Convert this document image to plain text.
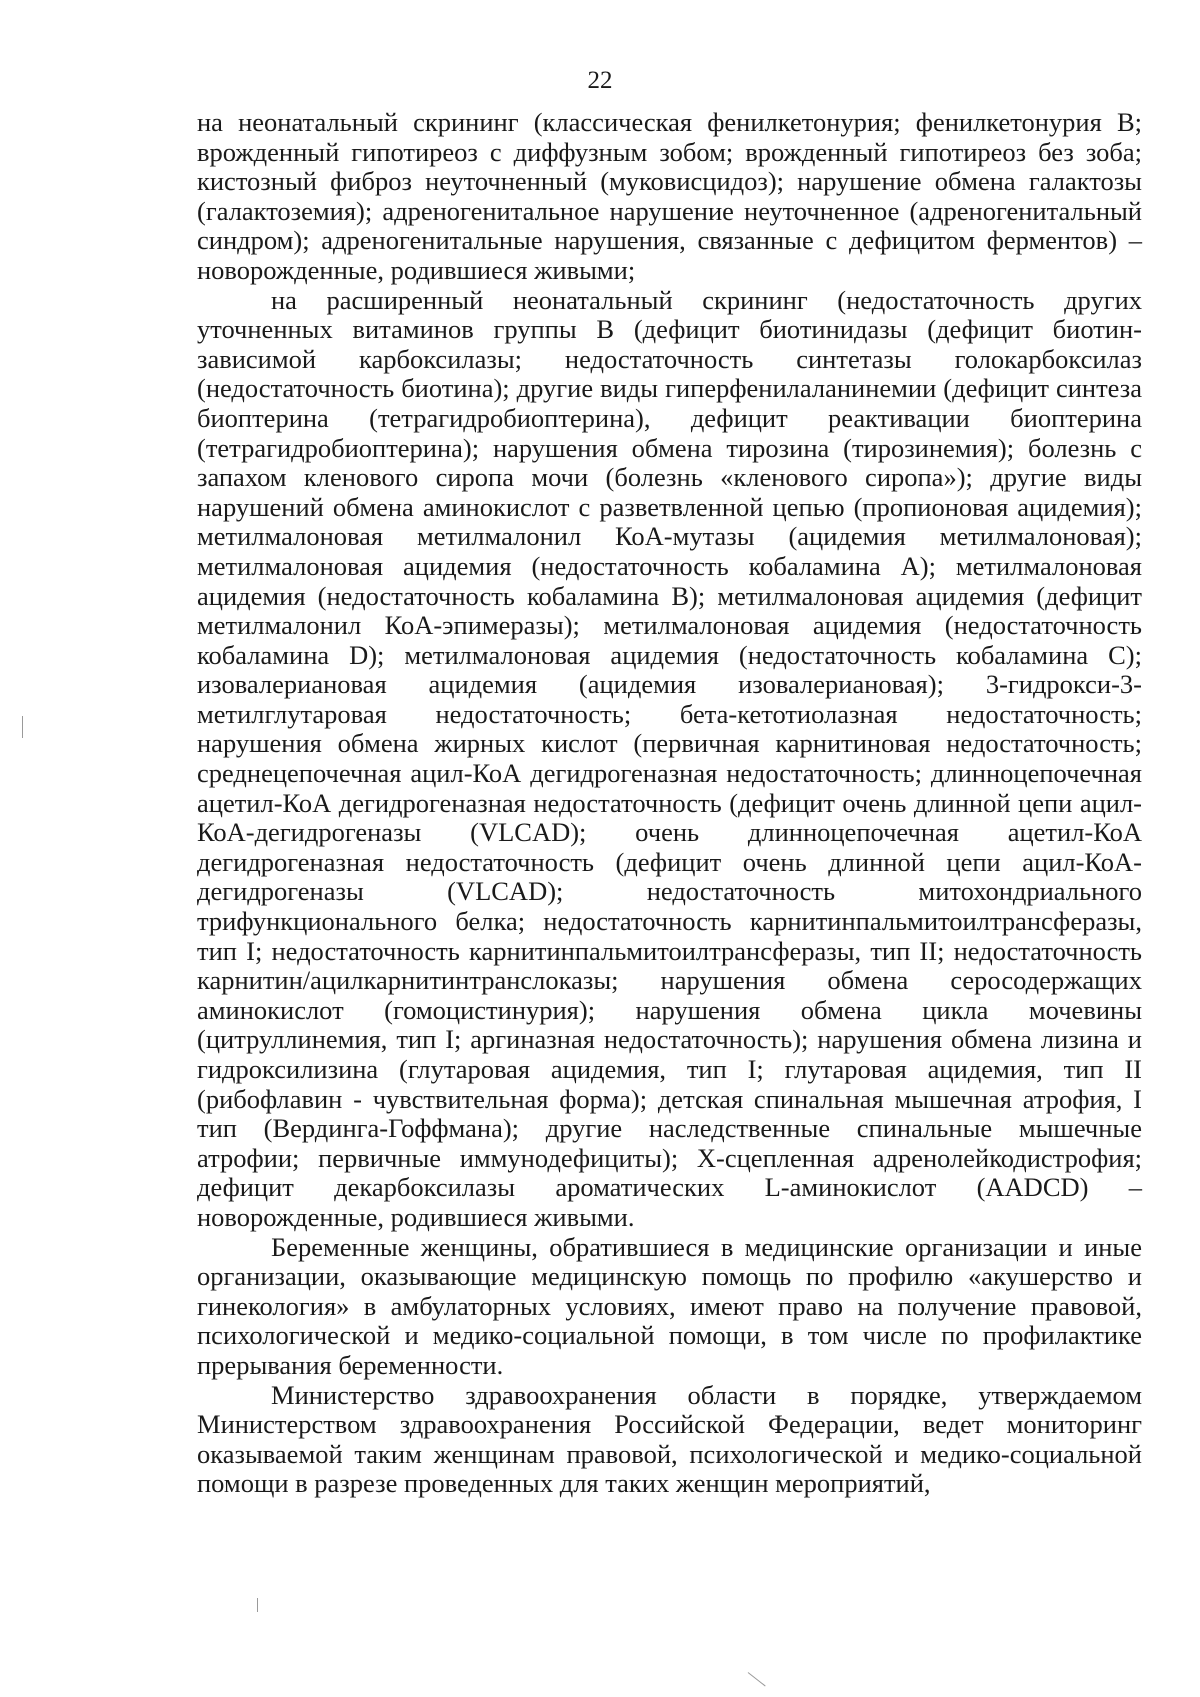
22

на неонатальный скрининг (классическая фенилкетонурия; фенилкетонурия В; врожденный гипотиреоз с диффузным зобом; врожденный гипотиреоз без зоба; кистозный фиброз неуточненный (муковисцидоз); нарушение обмена галактозы (галактоземия); адреногенитальное нарушение неуточненное (адреногенитальный синдром); адреногенитальные нарушения, связанные с дефицитом ферментов) – новорожденные, родившиеся живыми;

на расширенный неонатальный скрининг (недостаточность других уточненных витаминов группы В (дефицит биотинидазы (дефицит биотин-зависимой карбоксилазы; недостаточность синтетазы голокарбоксилаз (недостаточность биотина); другие виды гиперфенилаланинемии (дефицит синтеза биоптерина (тетрагидробиоптерина), дефицит реактивации биоптерина (тетрагидробиоптерина); нарушения обмена тирозина (тирозинемия); болезнь с запахом кленового сиропа мочи (болезнь «кленового сиропа»); другие виды нарушений обмена аминокислот с разветвленной цепью (пропионовая ацидемия); метилмалоновая метилмалонил КоА-мутазы (ацидемия метилмалоновая); метилмалоновая ацидемия (недостаточность кобаламина А); метилмалоновая ацидемия (недостаточность кобаламина В); метилмалоновая ацидемия (дефицит метилмалонил КоА-эпимеразы); метилмалоновая ацидемия (недостаточность кобаламина D); метилмалоновая ацидемия (недостаточность кобаламина С); изовалериановая ацидемия (ацидемия изовалериановая); 3-гидрокси-3-метилглутаровая недостаточность; бета-кетотиолазная недостаточность; нарушения обмена жирных кислот (первичная карнитиновая недостаточность; среднецепочечная ацил-КоА дегидрогеназная недостаточность; длинноцепочечная ацетил-КоА дегидрогеназная недостаточность (дефицит очень длинной цепи ацил-КоА-дегидрогеназы (VLCAD); очень длинноцепочечная ацетил-КоА дегидрогеназная недостаточность (дефицит очень длинной цепи ацил-КоА-дегидрогеназы (VLCAD); недостаточность митохондриального трифункционального белка; недостаточность карнитинпальмитоилтрансферазы, тип I; недостаточность карнитинпальмитоилтрансферазы, тип II; недостаточность карнитин/ацилкарнитинтранслоказы; нарушения обмена серосодержащих аминокислот (гомоцистинурия); нарушения обмена цикла мочевины (цитруллинемия, тип I; аргиназная недостаточность); нарушения обмена лизина и гидроксилизина (глутаровая ацидемия, тип I; глутаровая ацидемия, тип II (рибофлавин - чувствительная форма); детская спинальная мышечная атрофия, I тип (Вердинга-Гоффмана); другие наследственные спинальные мышечные атрофии; первичные иммунодефициты); Х-сцепленная адренолейкодистрофия; дефицит декарбоксилазы ароматических L-аминокислот (AADCD) – новорожденные, родившиеся живыми.

Беременные женщины, обратившиеся в медицинские организации и иные организации, оказывающие медицинскую помощь по профилю «акушерство и гинекология» в амбулаторных условиях, имеют право на получение правовой, психологической и медико-социальной помощи, в том числе по профилактике прерывания беременности.

Министерство здравоохранения области в порядке, утверждаемом Министерством здравоохранения Российской Федерации, ведет мониторинг оказываемой таким женщинам правовой, психологической и медико-социальной помощи в разрезе проведенных для таких женщин мероприятий,
